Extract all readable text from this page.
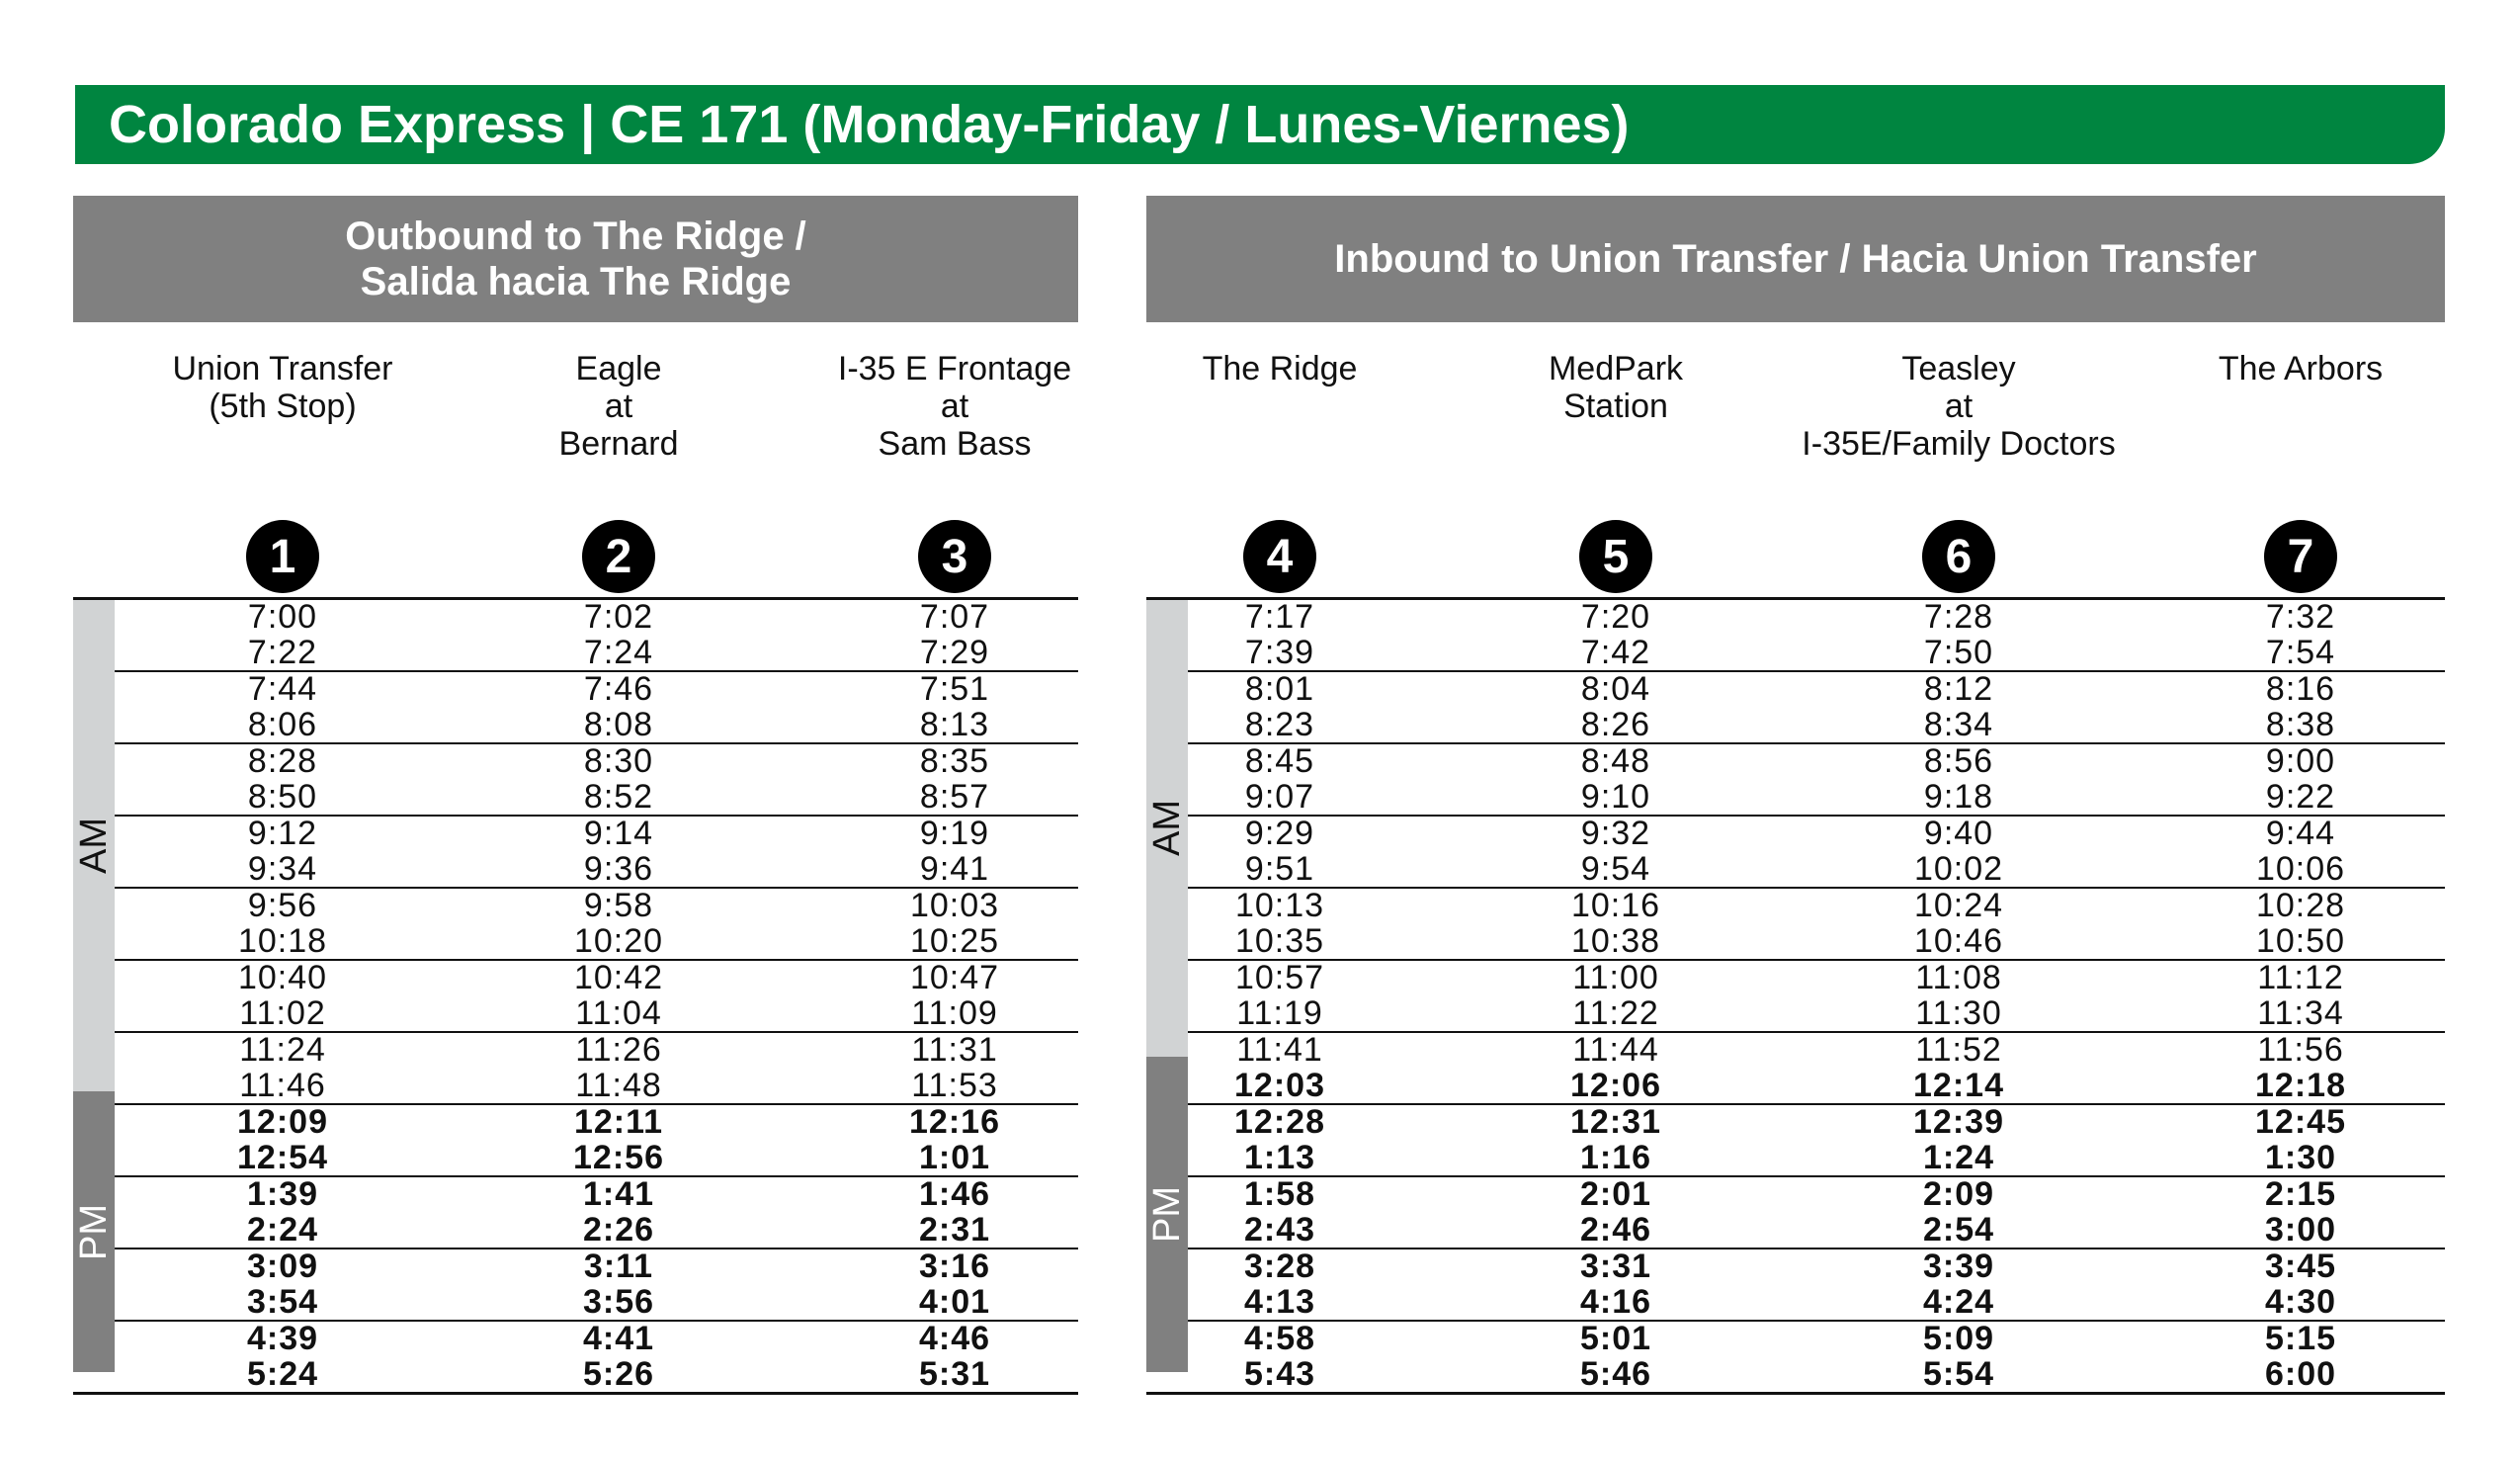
Colorado Express | CE 171 (Monday-Friday / Lunes-Viernes)
Outbound to The Ridge /
Salida hacia The Ridge
Union Transfer
(5th Stop)
1
Eagle
at
Bernard
2
I-35 E Frontage
at
Sam Bass
3
AM
PM
7:00	7:02	7:07
7:22	7:24	7:29
7:44	7:46	7:51
8:06	8:08	8:13
8:28	8:30	8:35
8:50	8:52	8:57
9:12	9:14	9:19
9:34	9:36	9:41
9:56	9:58	10:03
10:18	10:20	10:25
10:40	10:42	10:47
11:02	11:04	11:09
11:24	11:26	11:31
11:46	11:48	11:53
12:09	12:11	12:16
12:54	12:56	1:01
1:39	1:41	1:46
2:24	2:26	2:31
3:09	3:11	3:16
3:54	3:56	4:01
4:39	4:41	4:46
5:24	5:26	5:31
Inbound to Union Transfer / Hacia Union Transfer
The Ridge
4
MedPark
Station
5
Teasley
at
I-35E/Family Doctors
6
The Arbors
7
AM
PM
7:17	7:20	7:28	7:32
7:39	7:42	7:50	7:54
8:01	8:04	8:12	8:16
8:23	8:26	8:34	8:38
8:45	8:48	8:56	9:00
9:07	9:10	9:18	9:22
9:29	9:32	9:40	9:44
9:51	9:54	10:02	10:06
10:13	10:16	10:24	10:28
10:35	10:38	10:46	10:50
10:57	11:00	11:08	11:12
11:19	11:22	11:30	11:34
11:41	11:44	11:52	11:56
12:03	12:06	12:14	12:18
12:28	12:31	12:39	12:45
1:13	1:16	1:24	1:30
1:58	2:01	2:09	2:15
2:43	2:46	2:54	3:00
3:28	3:31	3:39	3:45
4:13	4:16	4:24	4:30
4:58	5:01	5:09	5:15
5:43	5:46	5:54	6:00
